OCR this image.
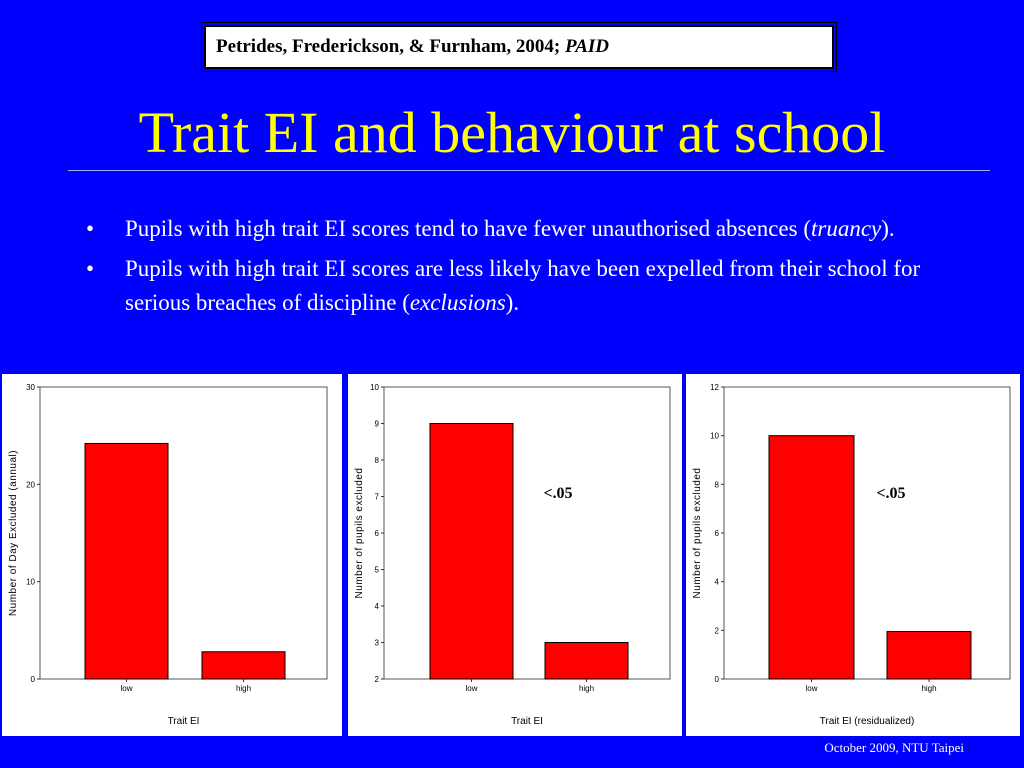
Petrides, Frederickson, & Furnham, 2004;
PAID
Trait EI and behaviour at school
•	Pupils with high trait EI scores tend to have fewer unauthorised absences (truancy).
•	Pupils with high trait EI scores are less likely have been expelled from their school for serious breaches of discipline (exclusions).
0
10
20
30
low	high
Trait EI
Number of Day Excluded (annual)
2
3
4
5
6
7
8
9
10
low	high
Trait EI
Number of pupils excluded	<.05
0
2
4
6
8
10
12
low	high
Trait EI (residualized)
Number of pupils excluded	<.05
October 2009, NTU Taipei
